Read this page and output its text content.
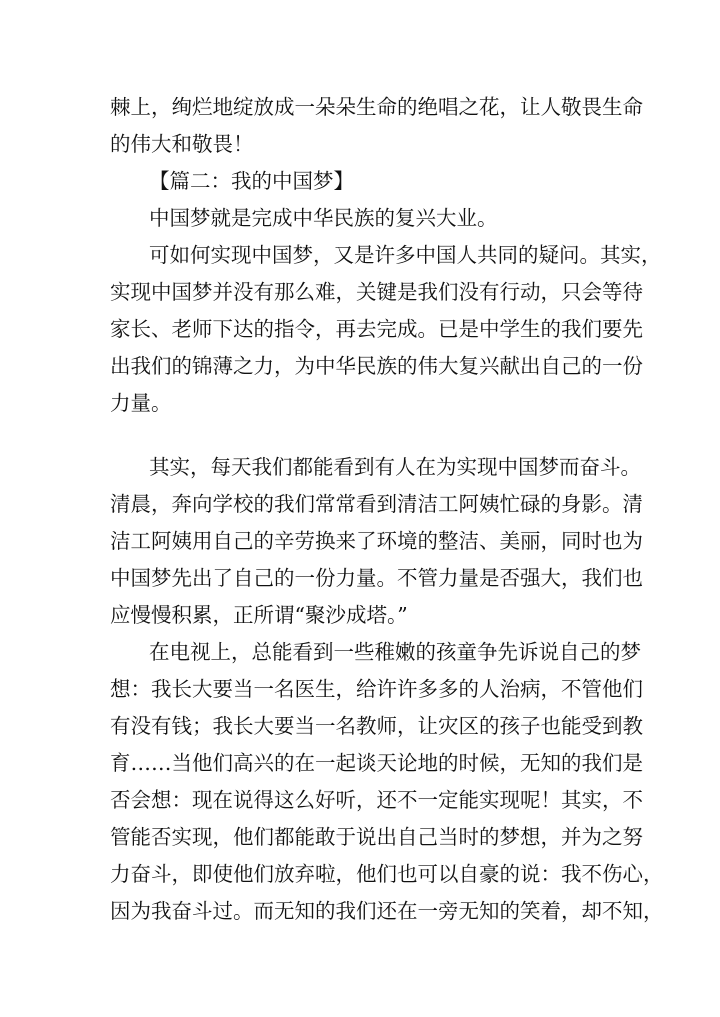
棘上，绚烂地绽放成一朵朵生命的绝唱之花，让人敬畏生命
的伟大和敬畏！
【篇二：我的中国梦】
中国梦就是完成中华民族的复兴大业。
可如何实现中国梦，又是许多中国人共同的疑问。其实，
实现中国梦并没有那么难，关键是我们没有行动，只会等待
家长、老师下达的指令，再去完成。已是中学生的我们要先
出我们的锦薄之力，为中华民族的伟大复兴献出自己的一份
力量。
其实，每天我们都能看到有人在为实现中国梦而奋斗。
清晨，奔向学校的我们常常看到清洁工阿姨忙碌的身影。清
洁工阿姨用自己的辛劳换来了环境的整洁、美丽，同时也为
中国梦先出了自己的一份力量。不管力量是否强大，我们也
应慢慢积累，正所谓“聚沙成塔。”
在电视上，总能看到一些稚嫩的孩童争先诉说自己的梦
想：我长大要当一名医生，给许许多多的人治病，不管他们
有没有钱；我长大要当一名教师，让灾区的孩子也能受到教
育……当他们高兴的在一起谈天论地的时候，无知的我们是
否会想：现在说得这么好听，还不一定能实现呢！其实，不
管能否实现，他们都能敢于说出自己当时的梦想，并为之努
力奋斗，即使他们放弃啦，他们也可以自豪的说：我不伤心，
因为我奋斗过。而无知的我们还在一旁无知的笑着，却不知，
